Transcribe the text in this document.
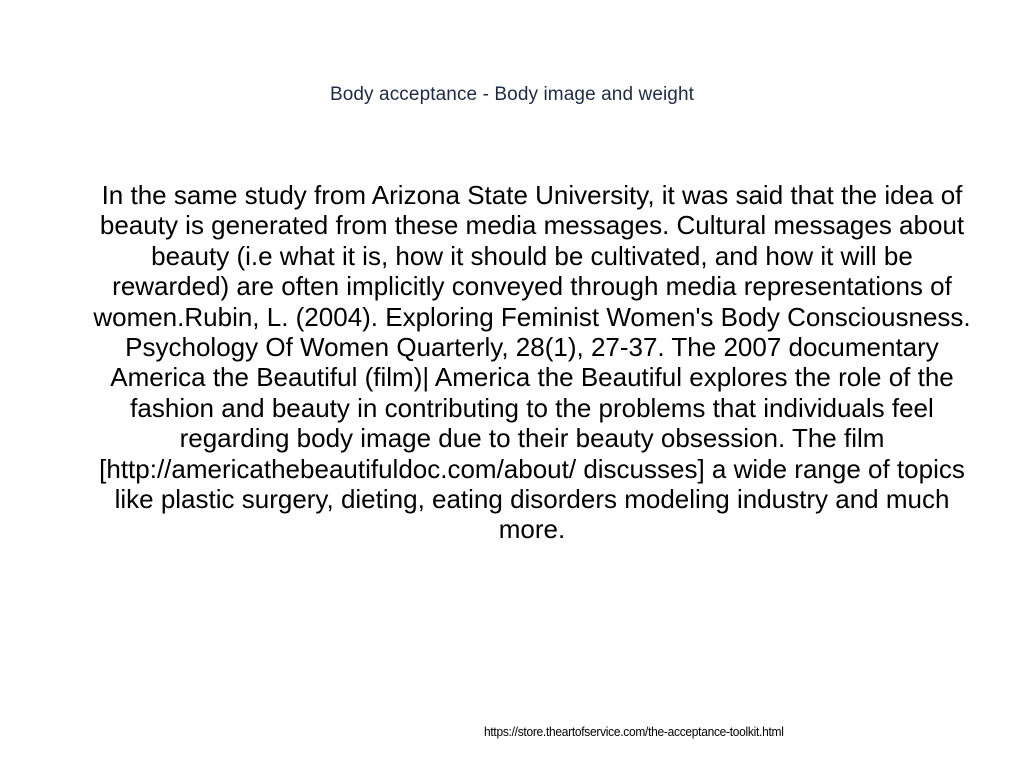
Body acceptance - Body image and weight
In the same study from Arizona State University, it was said that the idea of beauty is generated from these media messages. Cultural messages about beauty (i.e what it is, how it should be cultivated, and how it will be rewarded) are often implicitly conveyed through media representations of women.Rubin, L. (2004). Exploring Feminist Women's Body Consciousness. Psychology Of Women Quarterly, 28(1), 27-37. The 2007 documentary America the Beautiful (film)| America the Beautiful explores the role of the fashion and beauty in contributing to the problems that individuals feel regarding body image due to their beauty obsession. The film [http://americathebeautifuldoc.com/about/ discusses] a wide range of topics like plastic surgery, dieting, eating disorders modeling industry and much more.
https://store.theartofservice.com/the-acceptance-toolkit.html
